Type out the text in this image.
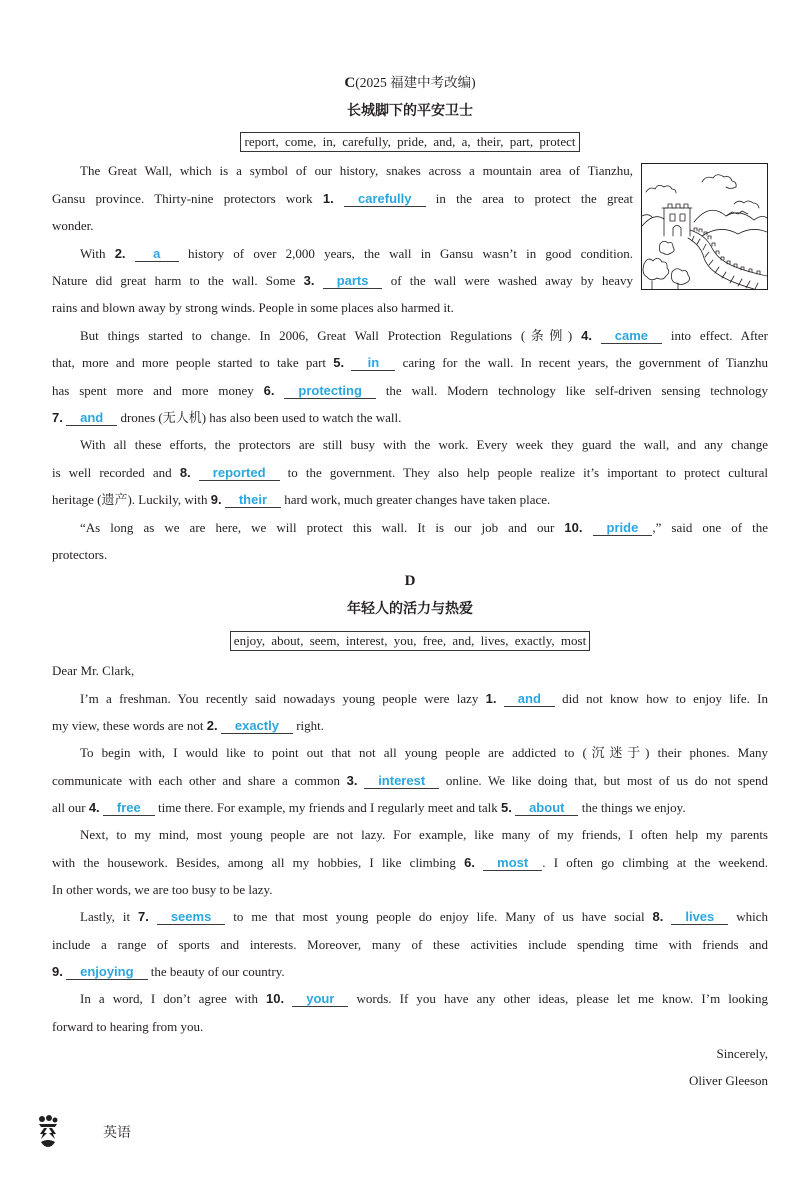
C(2025 福建中考改编)
长城脚下的平安卫士
report, come, in, carefully, pride, and, a, their, part, protect
The Great Wall, which is a symbol of our history, snakes across a mountain area of Tianzhu,
Gansu province. Thirty-nine protectors work 1. carefully in the area to protect the great
wonder.
With 2. a history of over 2,000 years, the wall in Gansu wasn’t in good condition.
Nature did great harm to the wall. Some 3. parts of the wall were washed away by heavy
rains and blown away by strong winds. People in some places also harmed it.
But things started to change. In 2006, Great Wall Protection Regulations (条例) 4. came into effect. After
that, more and more people started to take part 5. in caring for the wall. In recent years, the government of Tianzhu
has spent more and more money 6. protecting the wall. Modern technology like self-driven sensing technology
7. and drones (无人机) has also been used to watch the wall.
With all these efforts, the protectors are still busy with the work. Every week they guard the wall, and any change
is well recorded and 8. reported to the government. They also help people realize it’s important to protect cultural
heritage (遗产). Luckily, with 9. their hard work, much greater changes have taken place.
“As long as we are here, we will protect this wall. It is our job and our 10. pride ,” said one of the
protectors.
D
年轻人的活力与热爱
enjoy, about, seem, interest, you, free, and, lives, exactly, most
Dear Mr. Clark,
I’m a freshman. You recently said nowadays young people were lazy 1. and did not know how to enjoy life. In
my view, these words are not 2. exactly right.
To begin with, I would like to point out that not all young people are addicted to (沉迷于) their phones. Many
communicate with each other and share a common 3. interest online. We like doing that, but most of us do not spend
all our 4. free time there. For example, my friends and I regularly meet and talk 5. about the things we enjoy.
Next, to my mind, most young people are not lazy. For example, like many of my friends, I often help my parents
with the housework. Besides, among all my hobbies, I like climbing 6. most . I often go climbing at the weekend.
In other words, we are too busy to be lazy.
Lastly, it 7. seems to me that most young people do enjoy life. Many of us have social 8. lives which
include a range of sports and interests. Moreover, many of these activities include spending time with friends and
9. enjoying the beauty of our country.
In a word, I don’t agree with 10. your words. If you have any other ideas, please let me know. I’m looking
forward to hearing from you.
Sincerely,
Oliver Gleeson
英语
